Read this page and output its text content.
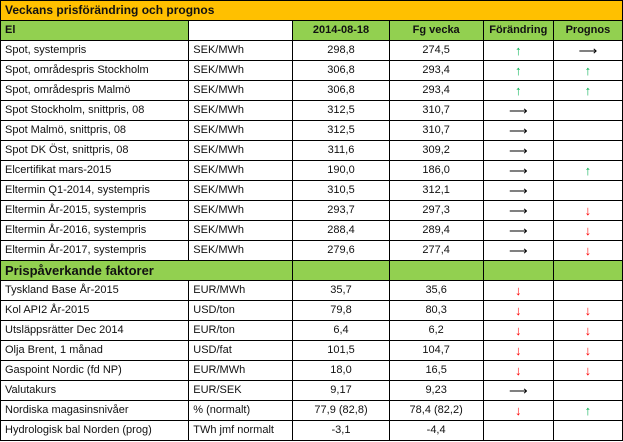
Veckans prisförändring och prognos					
El		2014-08-18	Fg vecka	Förändring	Prognos
Spot, systempris	SEK/MWh	298,8	274,5	↑	⟶
Spot, områdespris Stockholm	SEK/MWh	306,8	293,4	↑	↑
Spot, områdespris Malmö	SEK/MWh	306,8	293,4	↑	↑
Spot Stockholm, snittpris, 08	SEK/MWh	312,5	310,7	⟶	
Spot Malmö, snittpris, 08	SEK/MWh	312,5	310,7	⟶	
Spot DK Öst, snittpris, 08	SEK/MWh	311,6	309,2	⟶	
Elcertifikat mars-2015	SEK/MWh	190,0	186,0	⟶	↑
Eltermin Q1-2014, systempris	SEK/MWh	310,5	312,1	⟶	
Eltermin År-2015, systempris	SEK/MWh	293,7	297,3	⟶	↓
Eltermin År-2016, systempris	SEK/MWh	288,4	289,4	⟶	↓
Eltermin År-2017, systempris	SEK/MWh	279,6	277,4	⟶	↓
Prispåverkande faktorer					
Tyskland Base År-2015	EUR/MWh	35,7	35,6	↓	
Kol API2 År-2015	USD/ton	79,8	80,3	↓	↓
Utsläppsrätter Dec 2014	EUR/ton	6,4	6,2	↓	↓
Olja Brent, 1 månad	USD/fat	101,5	104,7	↓	↓
Gaspoint Nordic (fd NP)	EUR/MWh	18,0	16,5	↓	↓
Valutakurs	EUR/SEK	9,17	9,23	⟶	
Nordiska magasinsnivåer	% (normalt)	77,9 (82,8)	78,4 (82,2)	↓	↑
Hydrologisk bal Norden (prog)	TWh jmf normalt	-3,1	-4,4		
